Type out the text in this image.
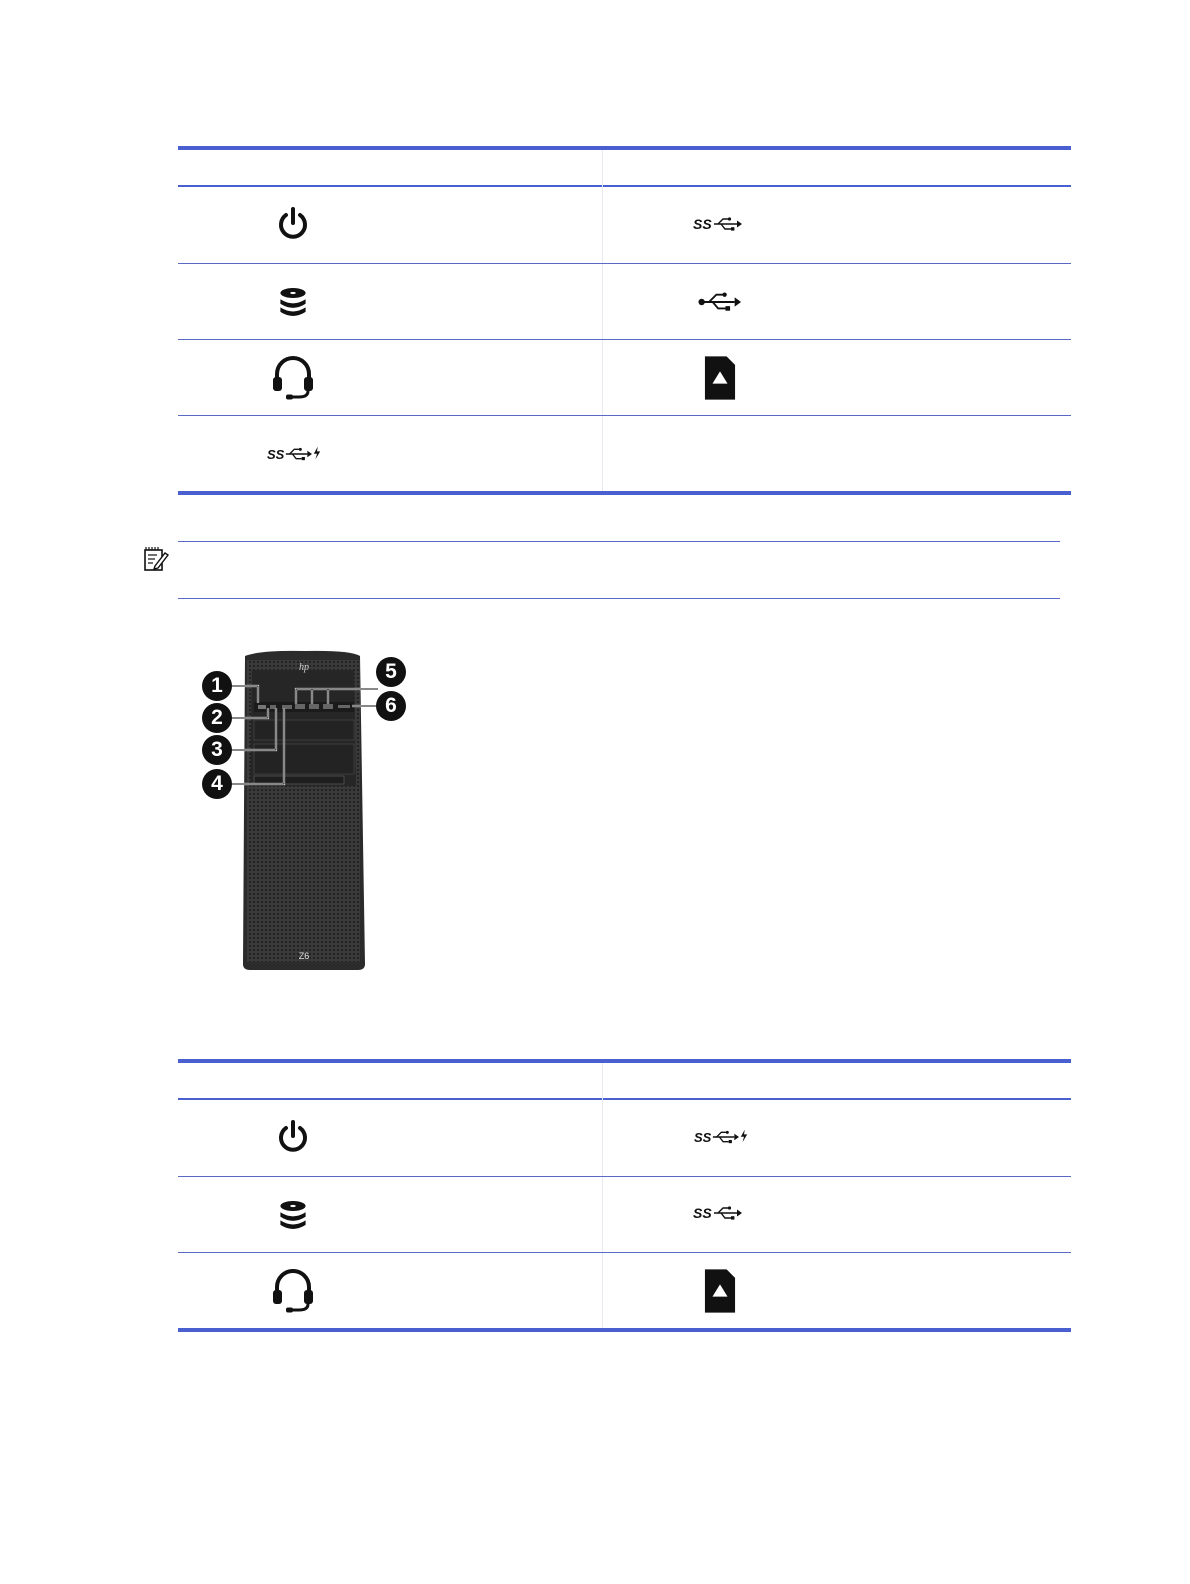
SS
SS
hp
Z6
1
2
3
4
5
6
SS
SS
